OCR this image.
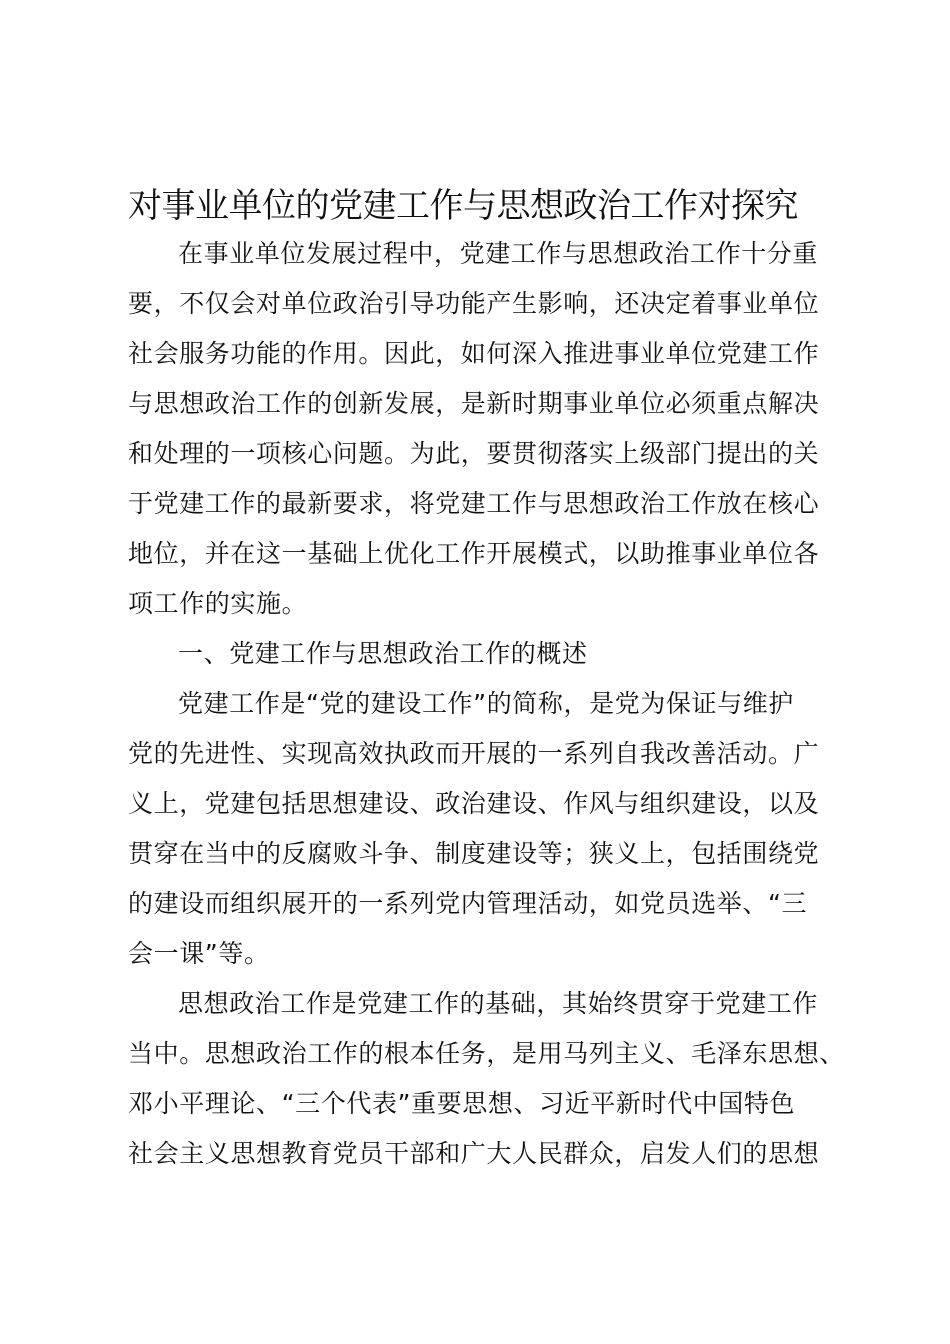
对事业单位的党建工作与思想政治工作对探究
在事业单位发展过程中，党建工作与思想政治工作十分重
要，不仅会对单位政治引导功能产生影响，还决定着事业单位
社会服务功能的作用。因此，如何深入推进事业单位党建工作
与思想政治工作的创新发展，是新时期事业单位必须重点解决
和处理的一项核心问题。为此，要贯彻落实上级部门提出的关
于党建工作的最新要求，将党建工作与思想政治工作放在核心
地位，并在这一基础上优化工作开展模式，以助推事业单位各
项工作的实施。
一、党建工作与思想政治工作的概述
党建工作是“党的建设工作”的简称，是党为保证与维护
党的先进性、实现高效执政而开展的一系列自我改善活动。广
义上，党建包括思想建设、政治建设、作风与组织建设，以及
贯穿在当中的反腐败斗争、制度建设等；狭义上，包括围绕党
的建设而组织展开的一系列党内管理活动，如党员选举、“三
会一课”等。
思想政治工作是党建工作的基础，其始终贯穿于党建工作
当中。思想政治工作的根本任务，是用马列主义、毛泽东思想、
邓小平理论、“三个代表”重要思想、习近平新时代中国特色
社会主义思想教育党员干部和广大人民群众，启发人们的思想
